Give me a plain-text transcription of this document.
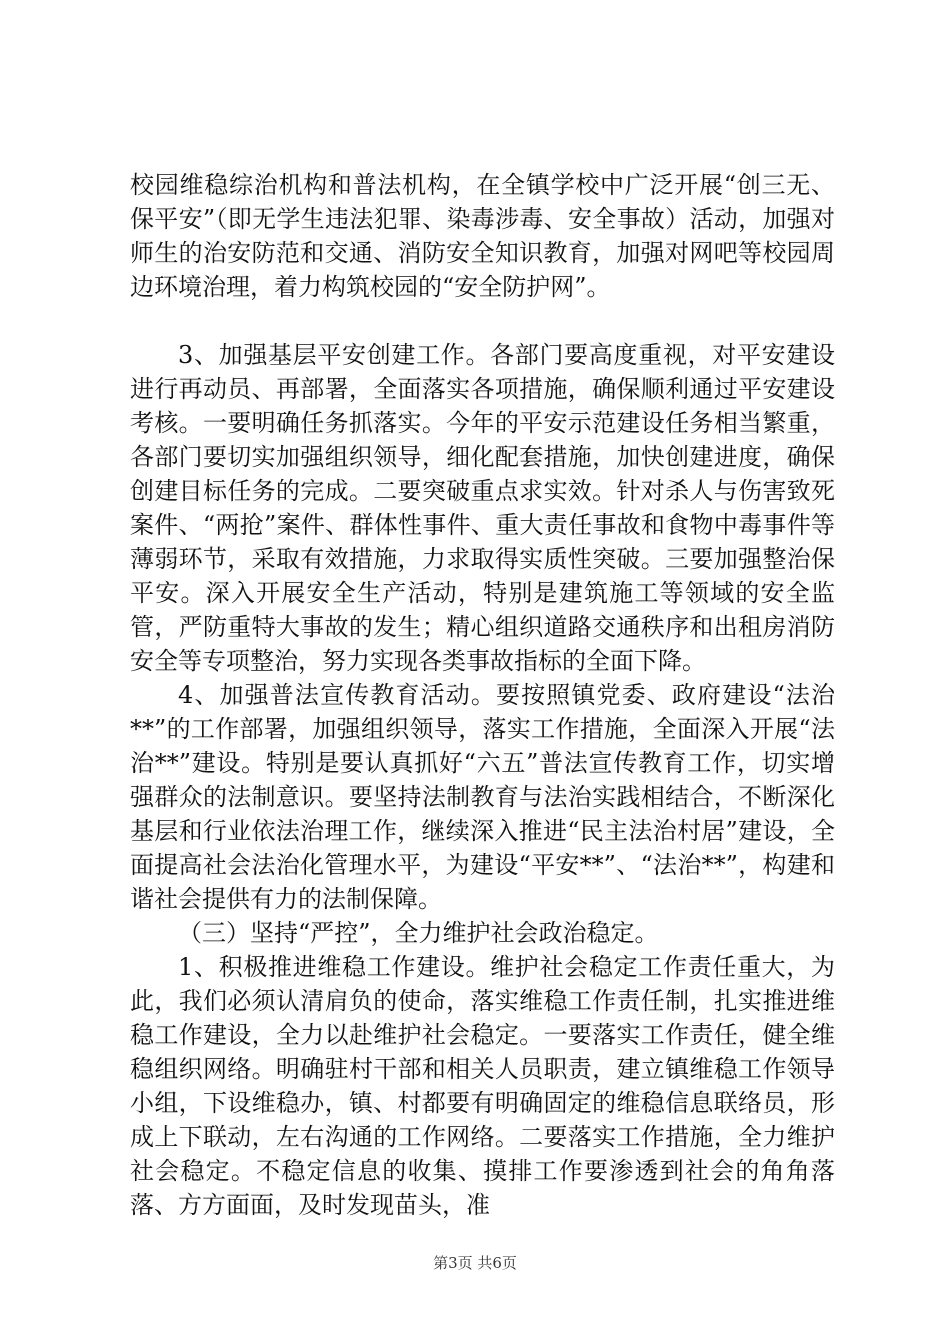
校园维稳综治机构和普法机构，在全镇学校中广泛开展“创三无、保平安”（即无学生违法犯罪、染毒涉毒、安全事故）活动，加强对师生的治安防范和交通、消防安全知识教育，加强对网吧等校园周边环境治理，着力构筑校园的“安全防护网”。

3、加强基层平安创建工作。各部门要高度重视，对平安建设进行再动员、再部署，全面落实各项措施，确保顺利通过平安建设考核。一要明确任务抓落实。今年的平安示范建设任务相当繁重，各部门要切实加强组织领导，细化配套措施，加快创建进度，确保创建目标任务的完成。二要突破重点求实效。针对杀人与伤害致死案件、“两抢”案件、群体性事件、重大责任事故和食物中毒事件等薄弱环节，采取有效措施，力求取得实质性突破。三要加强整治保平安。深入开展安全生产活动，特别是建筑施工等领域的安全监管，严防重特大事故的发生；精心组织道路交通秩序和出租房消防安全等专项整治，努力实现各类事故指标的全面下降。

4、加强普法宣传教育活动。要按照镇党委、政府建设“法治**”的工作部署，加强组织领导，落实工作措施，全面深入开展“法治**”建设。特别是要认真抓好“六五”普法宣传教育工作，切实增强群众的法制意识。要坚持法制教育与法治实践相结合，不断深化基层和行业依法治理工作，继续深入推进“民主法治村居”建设，全面提高社会法治化管理水平，为建设“平安**”、“法治**”，构建和谐社会提供有力的法制保障。

（三）坚持“严控”，全力维护社会政治稳定。

1、积极推进维稳工作建设。维护社会稳定工作责任重大，为此，我们必须认清肩负的使命，落实维稳工作责任制，扎实推进维稳工作建设，全力以赴维护社会稳定。一要落实工作责任，健全维稳组织网络。明确驻村干部和相关人员职责，建立镇维稳工作领导小组，下设维稳办，镇、村都要有明确固定的维稳信息联络员，形成上下联动，左右沟通的工作网络。二要落实工作措施，全力维护社会稳定。不稳定信息的收集、摸排工作要渗透到社会的角角落落、方方面面，及时发现苗头，准

第3页 共6页
